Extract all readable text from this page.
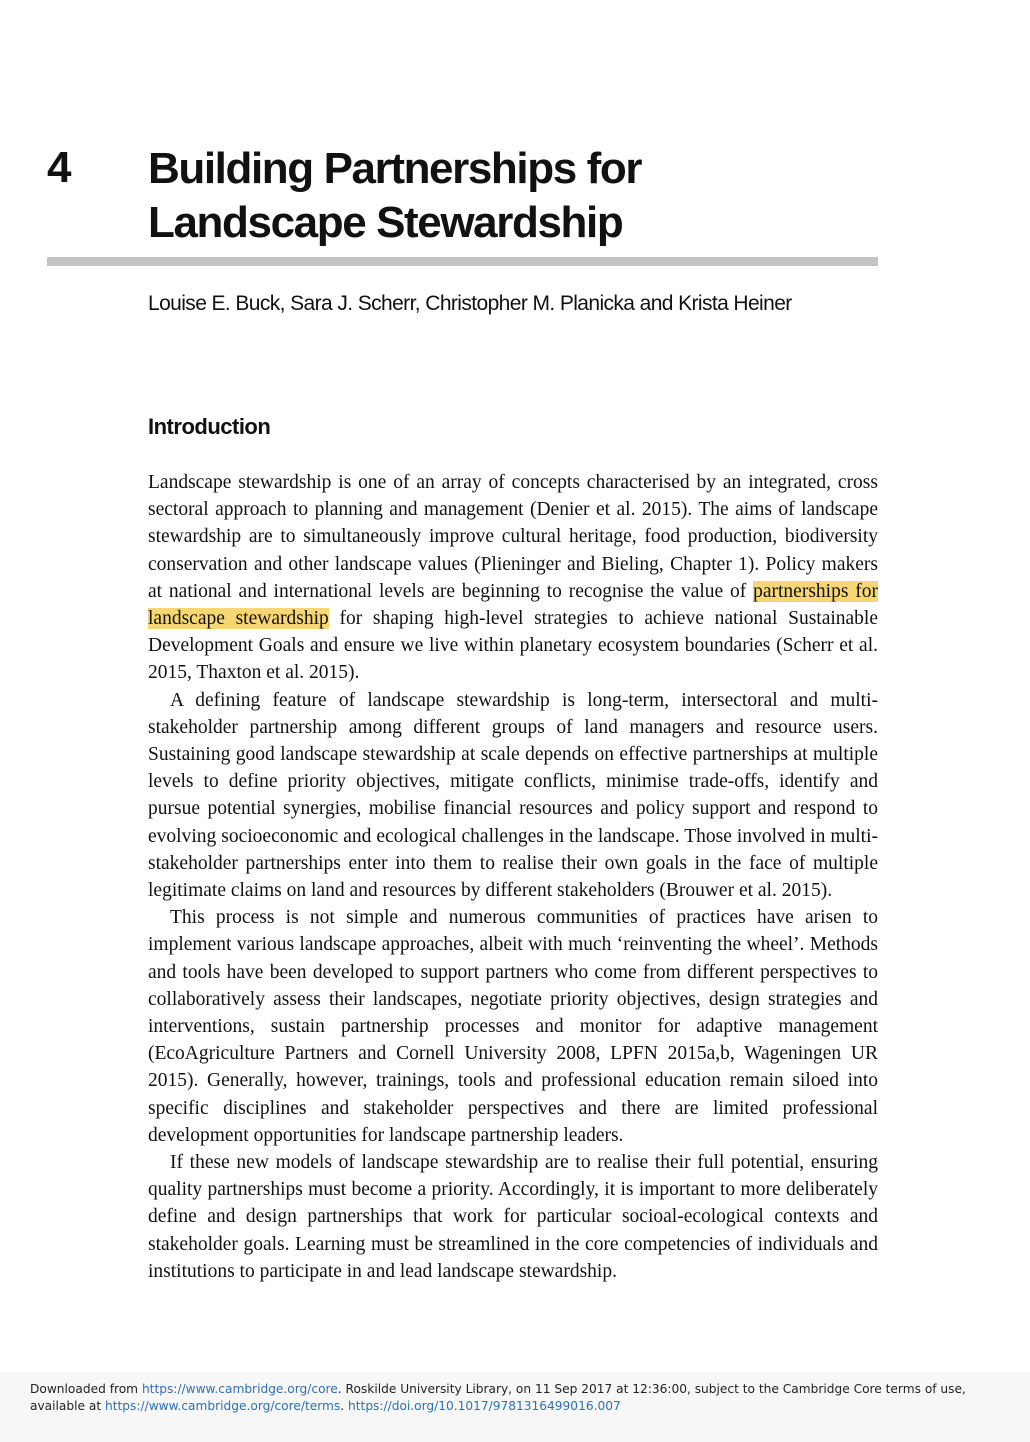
4 Building Partnerships for
Landscape Stewardship
Louise E. Buck, Sara J. Scherr, Christopher M. Planicka and Krista Heiner
Introduction

Landscape stewardship is one of an array of concepts characterised by an integrated, cross sectoral approach to planning and management (Denier et al. 2015). The aims of landscape stewardship are to simultaneously improve cultural heritage, food production, biodiversity conservation and other landscape values (Plieninger and Bieling, Chapter 1). Policy makers at national and international levels are beginning to recognise the value of partnerships for landscape stewardship for shaping high-level strategies to achieve national Sustainable Development Goals and ensure we live within planetary ecosystem boundaries (Scherr et al. 2015, Thaxton et al. 2015).

A defining feature of landscape stewardship is long-term, intersectoral and multistakeholder partnership among different groups of land managers and resource users. Sustaining good landscape stewardship at scale depends on effective partnerships at multiple levels to define priority objectives, mitigate conflicts, minimise trade-offs, identify and pursue potential synergies, mobilise financial resources and policy support and respond to evolving socioeconomic and ecological challenges in the landscape. Those involved in multi-stakeholder partnerships enter into them to realise their own goals in the face of multiple legitimate claims on land and resources by different stakeholders (Brouwer et al. 2015).

This process is not simple and numerous communities of practices have arisen to implement various landscape approaches, albeit with much ‘reinventing the wheel’. Methods and tools have been developed to support partners who come from different perspectives to collaboratively assess their landscapes, negotiate priority objectives, design strategies and interventions, sustain partnership processes and monitor for adaptive management (EcoAgriculture Partners and Cornell University 2008, LPFN 2015a,b, Wageningen UR 2015). Generally, however, trainings, tools and professional education remain siloed into specific disciplines and stakeholder perspectives and there are limited professional development opportunities for landscape partnership leaders.

If these new models of landscape stewardship are to realise their full potential, ensuring quality partnerships must become a priority. Accordingly, it is important to more deliberately define and design partnerships that work for particular socioal-ecological contexts and stakeholder goals. Learning must be streamlined in the core competencies of individuals and institutions to participate in and lead landscape stewardship.

Downloaded from https://www.cambridge.org/core. Roskilde University Library, on 11 Sep 2017 at 12:36:00, subject to the Cambridge Core terms of use, available at https://www.cambridge.org/core/terms. https://doi.org/10.1017/9781316499016.007
